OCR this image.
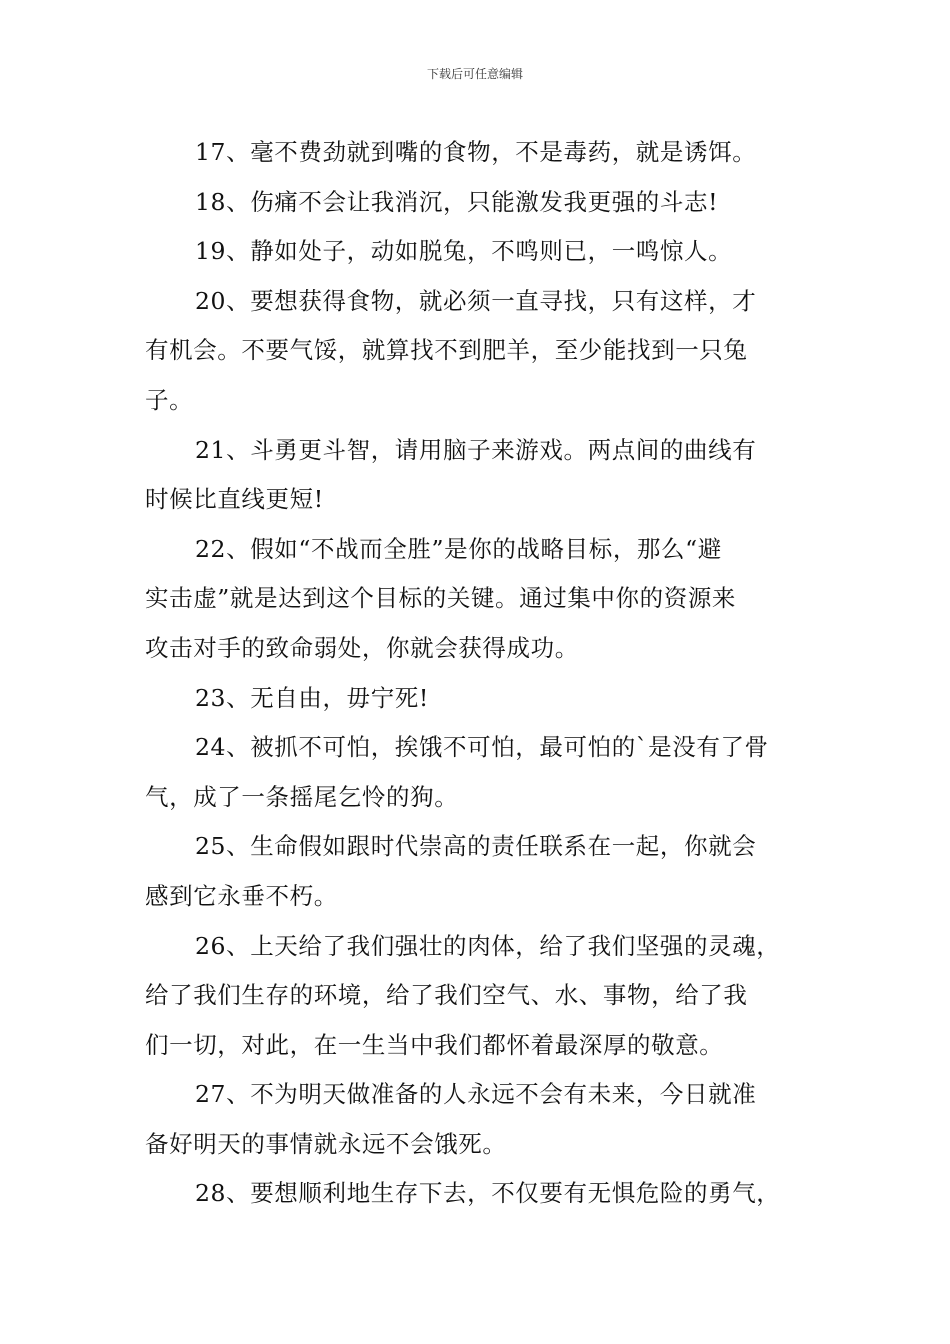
下载后可任意编辑
17、毫不费劲就到嘴的食物，不是毒药，就是诱饵。
18、伤痛不会让我消沉，只能激发我更强的斗志!
19、静如处子，动如脱兔，不鸣则已，一鸣惊人。
20、要想获得食物，就必须一直寻找，只有这样，才
有机会。不要气馁，就算找不到肥羊，至少能找到一只兔
子。
21、斗勇更斗智，请用脑子来游戏。两点间的曲线有
时候比直线更短!
22、假如“不战而全胜”是你的战略目标，那么“避
实击虚”就是达到这个目标的关键。通过集中你的资源来
攻击对手的致命弱处，你就会获得成功。
23、无自由，毋宁死!
24、被抓不可怕，挨饿不可怕，最可怕的`是没有了骨
气，成了一条摇尾乞怜的狗。
25、生命假如跟时代崇高的责任联系在一起，你就会
感到它永垂不朽。
26、上天给了我们强壮的肉体，给了我们坚强的灵魂，
给了我们生存的环境，给了我们空气、水、事物，给了我
们一切，对此，在一生当中我们都怀着最深厚的敬意。
27、不为明天做准备的人永远不会有未来，今日就准
备好明天的事情就永远不会饿死。
28、要想顺利地生存下去，不仅要有无惧危险的勇气，
